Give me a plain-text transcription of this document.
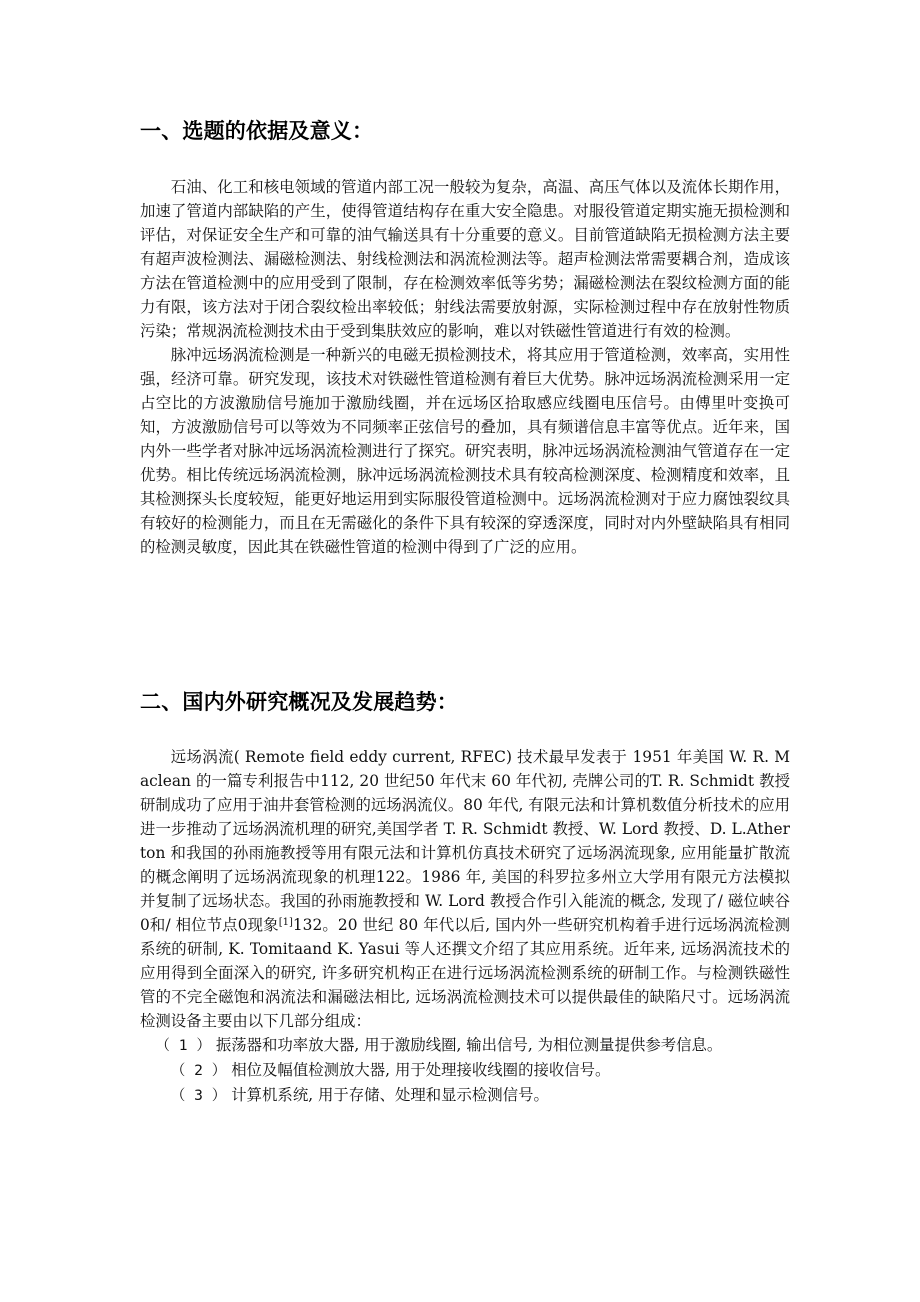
一、选题的依据及意义：

石油、化工和核电领域的管道内部工况一般较为复杂，高温、高压气体以及流体长期作用，加速了管道内部缺陷的产生，使得管道结构存在重大安全隐患。对服役管道定期实施无损检测和评估，对保证安全生产和可靠的油气输送具有十分重要的意义。目前管道缺陷无损检测方法主要有超声波检测法、漏磁检测法、射线检测法和涡流检测法等。超声检测法常需要耦合剂，造成该方法在管道检测中的应用受到了限制，存在检测效率低等劣势；漏磁检测法在裂纹检测方面的能力有限，该方法对于闭合裂纹检出率较低；射线法需要放射源，实际检测过程中存在放射性物质污染；常规涡流检测技术由于受到集肤效应的影响，难以对铁磁性管道进行有效的检测。

脉冲远场涡流检测是一种新兴的电磁无损检测技术，将其应用于管道检测，效率高，实用性强，经济可靠。研究发现，该技术对铁磁性管道检测有着巨大优势。脉冲远场涡流检测采用一定占空比的方波激励信号施加于激励线圈，并在远场区拾取感应线圈电压信号。由傅里叶变换可知，方波激励信号可以等效为不同频率正弦信号的叠加，具有频谱信息丰富等优点。近年来，国内外一些学者对脉冲远场涡流检测进行了探究。研究表明，脉冲远场涡流检测油气管道存在一定优势。相比传统远场涡流检测，脉冲远场涡流检测技术具有较高检测深度、检测精度和效率，且其检测探头长度较短，能更好地运用到实际服役管道检测中。远场涡流检测对于应力腐蚀裂纹具有较好的检测能力，而且在无需磁化的条件下具有较深的穿透深度，同时对内外壁缺陷具有相同的检测灵敏度，因此其在铁磁性管道的检测中得到了广泛的应用。

二、国内外研究概况及发展趋势：

远场涡流( Remote field eddy current, RFEC) 技术最早发表于 1951 年美国 W. R. Maclean 的一篇专利报告中112, 20 世纪50 年代末 60 年代初, 壳牌公司的T. R. Schmidt 教授研制成功了应用于油井套管检测的远场涡流仪。80 年代, 有限元法和计算机数值分析技术的应用进一步推动了远场涡流机理的研究,美国学者 T. R. Schmidt 教授、W. Lord 教授、D. L.Atherton 和我国的孙雨施教授等用有限元法和计算机仿真技术研究了远场涡流现象, 应用能量扩散流的概念阐明了远场涡流现象的机理122。1986 年, 美国的科罗拉多州立大学用有限元方法模拟并复制了远场状态。我国的孙雨施教授和 W. Lord 教授合作引入能流的概念, 发现了/ 磁位峡谷0和/ 相位节点0现象[1]132。20 世纪 80 年代以后, 国内外一些研究机构着手进行远场涡流检测系统的研制, K. Tomitaand K. Yasui 等人还撰文介绍了其应用系统。近年来, 远场涡流技术的应用得到全面深入的研究, 许多研究机构正在进行远场涡流检测系统的研制工作。与检测铁磁性管的不完全磁饱和涡流法和漏磁法相比, 远场涡流检测技术可以提供最佳的缺陷尺寸。远场涡流检测设备主要由以下几部分组成：

（ 1 ） 振荡器和功率放大器, 用于激励线圈, 输出信号, 为相位测量提供参考信息。
（ 2 ） 相位及幅值检测放大器, 用于处理接收线圈的接收信号。
（ 3 ） 计算机系统, 用于存储、处理和显示检测信号。
